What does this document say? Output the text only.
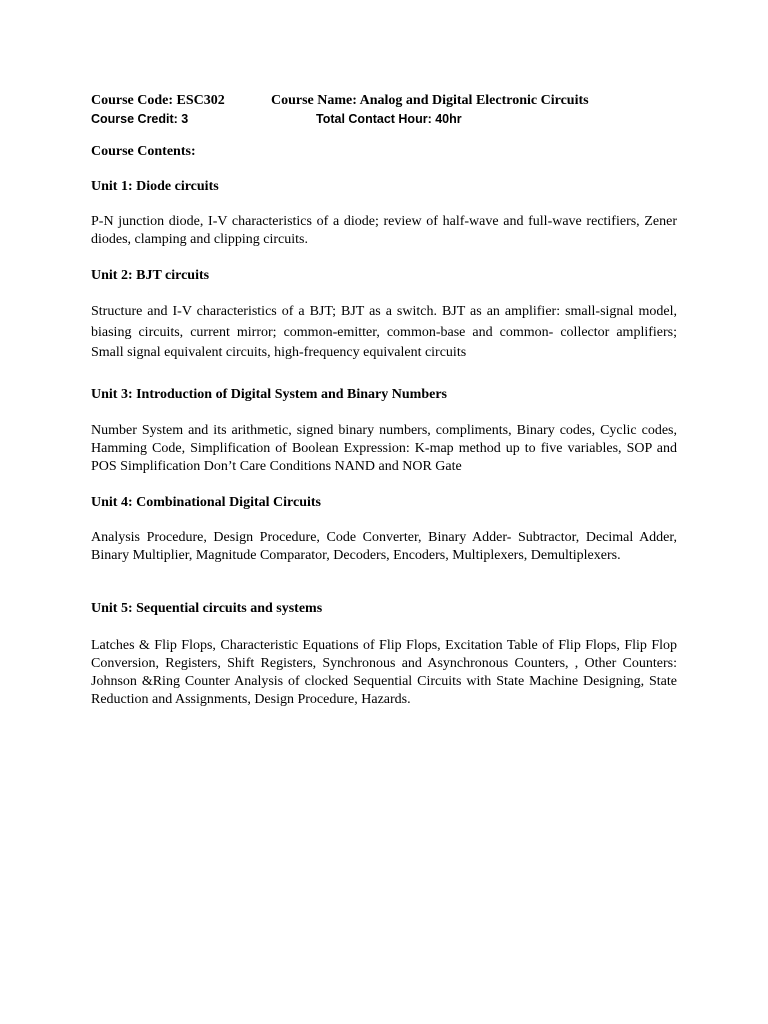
Course Code: ESC302	Course Name: Analog and Digital Electronic Circuits
Course Credit: 3	Total Contact Hour: 40hr
Course Contents:
Unit 1: Diode circuits
P-N junction diode, I-V characteristics of a diode; review of half-wave and full-wave rectifiers, Zener diodes, clamping and clipping circuits.
Unit 2: BJT circuits
Structure and I-V characteristics of a BJT; BJT as a switch. BJT as an amplifier: small-signal model, biasing circuits, current mirror; common-emitter, common-base and common- collector amplifiers; Small signal equivalent circuits, high-frequency equivalent circuits
Unit 3: Introduction of Digital System and Binary Numbers
Number System and its arithmetic, signed binary numbers, compliments, Binary codes, Cyclic codes, Hamming Code, Simplification of Boolean Expression: K-map method up to five variables, SOP and POS Simplification Don’t Care Conditions NAND and NOR Gate
Unit 4: Combinational Digital Circuits
Analysis Procedure, Design Procedure, Code Converter, Binary Adder- Subtractor, Decimal Adder, Binary Multiplier, Magnitude Comparator, Decoders, Encoders, Multiplexers, Demultiplexers.
Unit 5: Sequential circuits and systems
Latches & Flip Flops, Characteristic Equations of Flip Flops, Excitation Table of Flip Flops, Flip Flop Conversion, Registers, Shift Registers, Synchronous and Asynchronous Counters, , Other Counters: Johnson &Ring Counter Analysis of clocked Sequential Circuits with State Machine Designing, State Reduction and Assignments, Design Procedure, Hazards.
